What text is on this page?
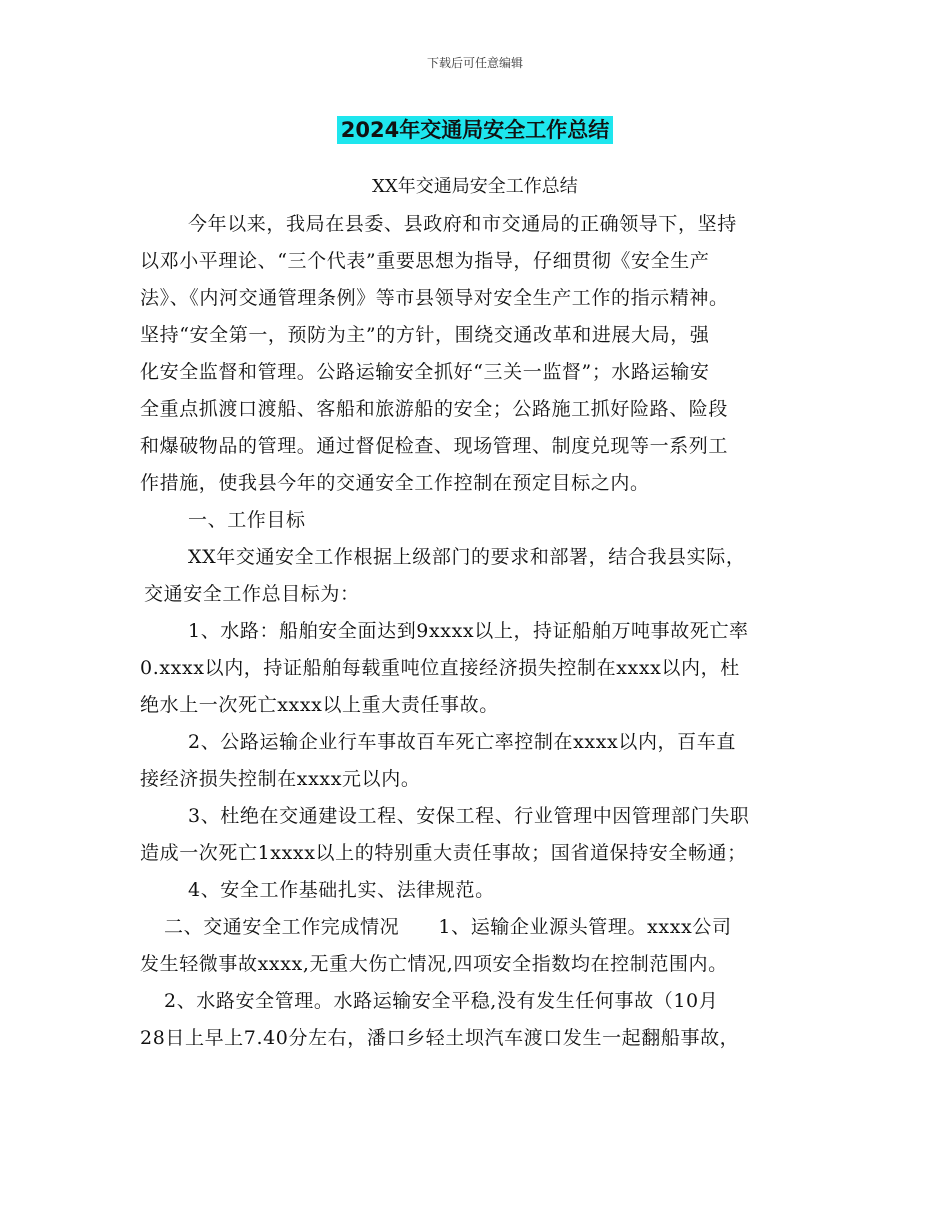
下载后可任意编辑
2024年交通局安全工作总结
XX年交通局安全工作总结
今年以来，我局在县委、县政府和市交通局的正确领导下，坚持
以邓小平理论、“三个代表”重要思想为指导，仔细贯彻《安全生产
法》、《内河交通管理条例》等市县领导对安全生产工作的指示精神。
坚持“安全第一，预防为主”的方针，围绕交通改革和进展大局，强
化安全监督和管理。公路运输安全抓好“三关一监督”；水路运输安
全重点抓渡口渡船、客船和旅游船的安全；公路施工抓好险路、险段
和爆破物品的管理。通过督促检查、现场管理、制度兑现等一系列工
作措施，使我县今年的交通安全工作控制在预定目标之内。
一、工作目标
XX年交通安全工作根据上级部门的要求和部署，结合我县实际，
交通安全工作总目标为：
1、水路：船舶安全面达到9xxxx以上，持证船舶万吨事故死亡率
0.xxxx以内，持证船舶每载重吨位直接经济损失控制在xxxx以内，杜
绝水上一次死亡xxxx以上重大责任事故。
2、公路运输企业行车事故百车死亡率控制在xxxx以内，百车直
接经济损失控制在xxxx元以内。
3、杜绝在交通建设工程、安保工程、行业管理中因管理部门失职
造成一次死亡1xxxx以上的特别重大责任事故；国省道保持安全畅通；
4、安全工作基础扎实、法律规范。
二、交通安全工作完成情况　　1、运输企业源头管理。xxxx公司
发生轻微事故xxxx,无重大伤亡情况,四项安全指数均在控制范围内。
2、水路安全管理。水路运输安全平稳,没有发生任何事故（10月
28日上早上7.40分左右，潘口乡轻土坝汽车渡口发生一起翻船事故，
